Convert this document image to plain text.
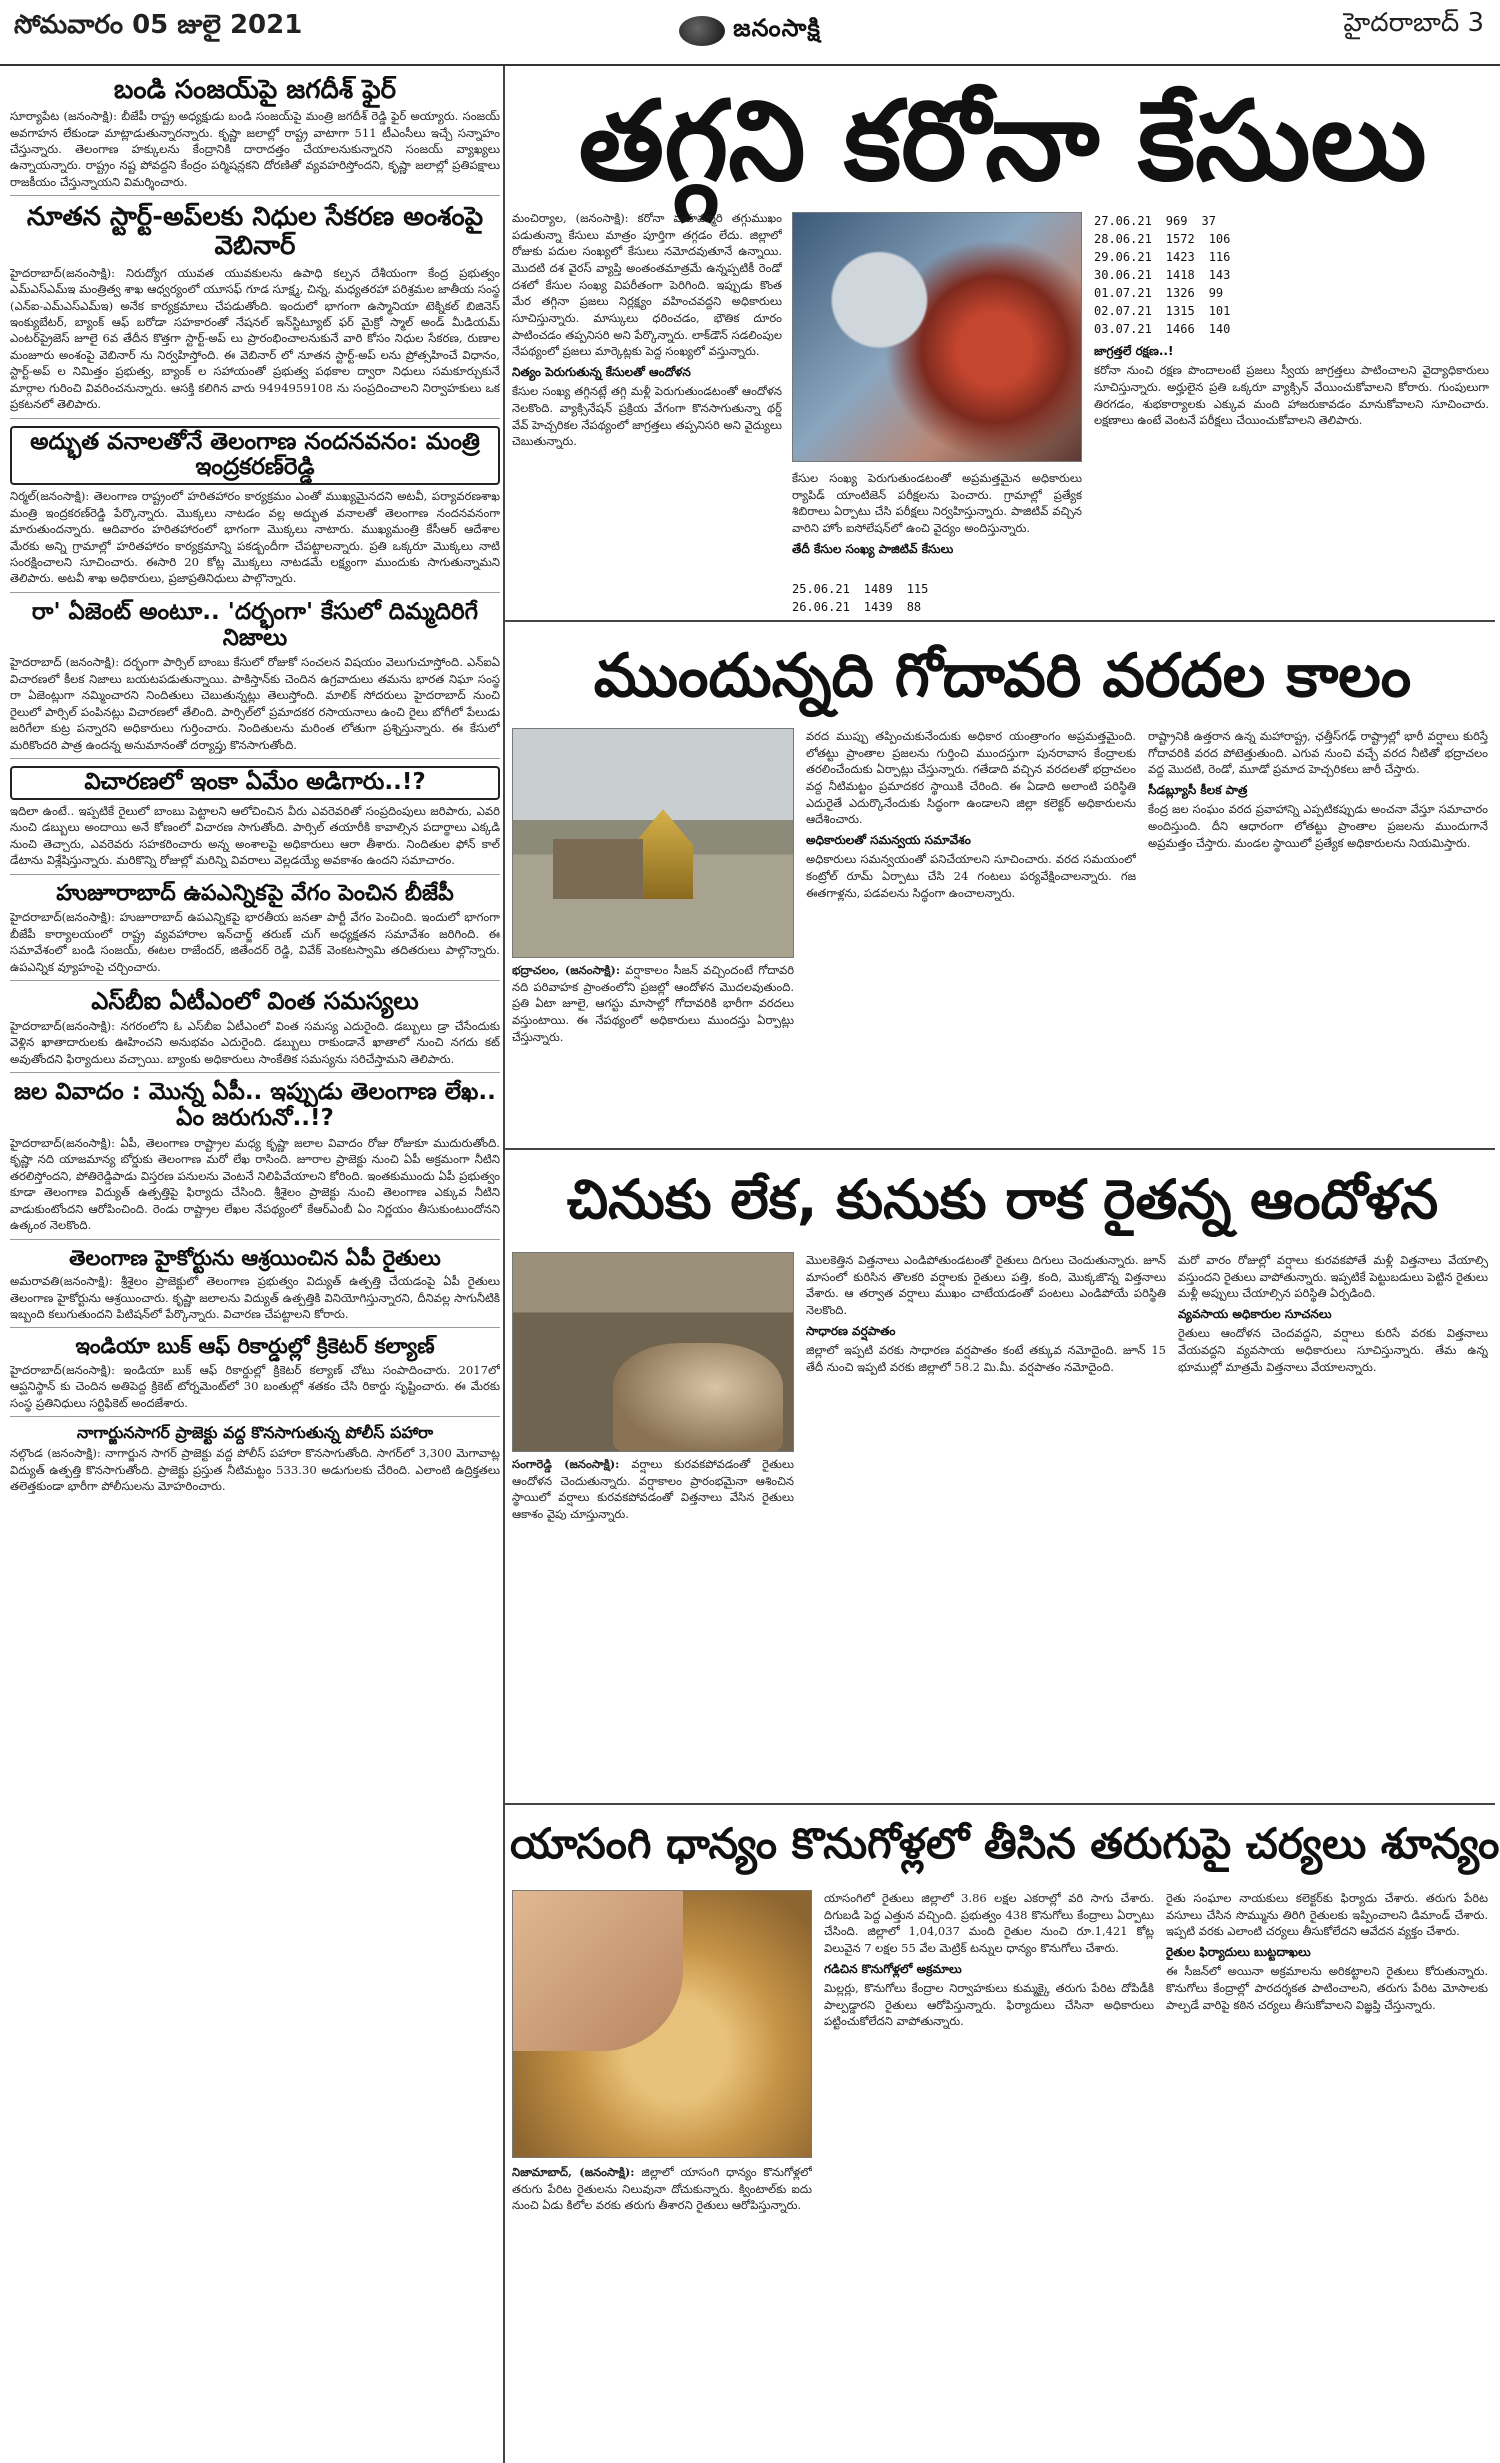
సోమవారం 05 జులై 2021	జనంసాక్షి	హైదరాబాద్ 3
బండి సంజయ్‌పై జగదీశ్ ఫైర్
సూర్యాపేట (జనంసాక్షి): బీజేపీ రాష్ట్ర అధ్యక్షుడు బండి సంజయ్‌పై మంత్రి జగదీశ్ రెడ్డి ఫైర్ అయ్యారు. సంజయ్ అవగాహన లేకుండా మాట్లాడుతున్నారన్నారు. కృష్ణా జలాల్లో రాష్ట్ర వాటాగా 511 టీఎంసీలు ఇచ్చే సన్నాహం చేస్తున్నారు. తెలంగాణ హక్కులను కేంద్రానికి దారాదత్తం చేయాలనుకున్నారని సంజయ్ వ్యాఖ్యలు ఉన్నాయన్నారు. రాష్ట్రం నష్ట పోవద్దని కేంద్రం పర్మిషన్లకని దోరణితో వ్యవహరిస్తోందని, కృష్ణా జలాల్లో ప్రతిపక్షాలు రాజకీయం చేస్తున్నాయని విమర్శించారు.
నూతన స్టార్ట్-అప్‌లకు నిధుల సేకరణ అంశంపై వెబినార్
హైదరాబాద్(జనంసాక్షి): నిరుద్యోగ యువత యువకులను ఉపాధి కల్పన దేశీయంగా కేంద్ర ప్రభుత్వం ఎమ్‌ఎస్‌ఎమ్ఇ మంత్రిత్వ శాఖ ఆధ్వర్యంలో యూసఫ్ గూడ సూక్ష్మ, చిన్న, మధ్యతరహా పరిశ్రమల జాతీయ సంస్థ (ఎన్‌ఐ-ఎమ్‌ఎస్‌ఎమ్ఇ) అనేక కార్యక్రమాలు చేపడుతోంది. ఇందులో భాగంగా ఉస్మానియా టెక్నికల్ బిజినెస్ ఇంక్యుబేటర్, బ్యాంక్ ఆఫ్ బరోడా సహకారంతో నేషనల్ ఇన్‌స్టిట్యూట్ ఫర్ మైక్రో స్మాల్ అండ్ మీడియమ్ ఎంటర్‌ప్రైజెస్ జూలై 6వ తేదీన కొత్తగా స్టార్ట్-అప్ లు ప్రారంభించాలనుకునే వారి కోసం నిధుల సేకరణ, రుణాల మంజూరు అంశంపై వెబినార్ ను నిర్వహిస్తోంది. ఈ వెబినార్ లో నూతన స్టార్ట్-అప్ లను ప్రోత్సహించే విధానం, స్టార్ట్-అప్ ల నిమిత్తం ప్రభుత్వ, బ్యాంక్ ల సహాయంతో ప్రభుత్వ పథకాల ద్వారా నిధులు సమకూర్చుకునే మార్గాల గురించి వివరించనున్నారు. ఆసక్తి కలిగిన వారు 9494959108 ను సంప్రదించాలని నిర్వాహకులు ఒక ప్రకటనలో తెలిపారు.
అద్భుత వనాలతోనే తెలంగాణ నందనవనం: మంత్రి ఇంద్రకరణ్‌రెడ్డి
నిర్మల్(జనంసాక్షి): తెలంగాణ రాష్ట్రంలో హరితహారం కార్యక్రమం ఎంతో ముఖ్యమైనదని అటవీ, పర్యావరణశాఖ మంత్రి ఇంద్రకరణ్‌రెడ్డి పేర్కొన్నారు. మొక్కలు నాటడం వల్ల అద్భుత వనాలతో తెలంగాణ నందనవనంగా మారుతుందన్నారు. ఆదివారం హరితహారంలో భాగంగా మొక్కలు నాటారు. ముఖ్యమంత్రి కేసీఆర్ ఆదేశాల మేరకు అన్ని గ్రామాల్లో హరితహారం కార్యక్రమాన్ని పకడ్బందీగా చేపట్టాలన్నారు. ప్రతి ఒక్కరూ మొక్కలు నాటి సంరక్షించాలని సూచించారు. ఈసారి 20 కోట్ల మొక్కలు నాటడమే లక్ష్యంగా ముందుకు సాగుతున్నామని తెలిపారు. అటవీ శాఖ అధికారులు, ప్రజాప్రతినిధులు పాల్గొన్నారు.
రా' ఏజెంట్ అంటూ.. 'దర్భంగా' కేసులో దిమ్మదిరిగే నిజాలు
హైదరాబాద్ (జనంసాక్షి): దర్భంగా పార్సిల్ బాంబు కేసులో రోజుకో సంచలన విషయం వెలుగుచూస్తోంది. ఎన్ఐఏ విచారణలో కీలక నిజాలు బయటపడుతున్నాయి. పాకిస్తాన్‌కు చెందిన ఉగ్రవాదులు తమను భారత నిఘా సంస్థ రా ఏజెంట్లుగా నమ్మించారని నిందితులు చెబుతున్నట్లు తెలుస్తోంది. మాలిక్ సోదరులు హైదరాబాద్ నుంచి రైలులో పార్సిల్ పంపినట్లు విచారణలో తేలింది. పార్సిల్‌లో ప్రమాదకర రసాయనాలు ఉంచి రైలు బోగీలో పేలుడు జరిగేలా కుట్ర పన్నారని అధికారులు గుర్తించారు. నిందితులను మరింత లోతుగా ప్రశ్నిస్తున్నారు. ఈ కేసులో మరికొందరి పాత్ర ఉందన్న అనుమానంతో దర్యాప్తు కొనసాగుతోంది.
విచారణలో ఇంకా ఏమేం అడిగారు..!?
ఇదిలా ఉంటే.. ఇప్పటికే రైలులో బాంబు పెట్టాలని ఆలోచించిన వీరు ఎవరెవరితో సంప్రదింపులు జరిపారు, ఎవరి నుంచి డబ్బులు అందాయి అనే కోణంలో విచారణ సాగుతోంది. పార్సిల్ తయారీకి కావాల్సిన పదార్థాలు ఎక్కడి నుంచి తెచ్చారు, ఎవరెవరు సహకరించారు అన్న అంశాలపై అధికారులు ఆరా తీశారు. నిందితుల ఫోన్ కాల్ డేటాను విశ్లేషిస్తున్నారు. మరికొన్ని రోజుల్లో మరిన్ని వివరాలు వెల్లడయ్యే అవకాశం ఉందని సమాచారం.
హుజూరాబాద్ ఉపఎన్నికపై వేగం పెంచిన బీజేపీ
హైదరాబాద్(జనంసాక్షి): హుజూరాబాద్ ఉపఎన్నికపై భారతీయ జనతా పార్టీ వేగం పెంచింది. ఇందులో భాగంగా బీజేపీ కార్యాలయంలో రాష్ట్ర వ్యవహారాల ఇన్‌చార్జ్ తరుణ్ చుగ్ అధ్యక్షతన సమావేశం జరిగింది. ఈ సమావేశంలో బండి సంజయ్, ఈటల రాజేందర్, జితేందర్ రెడ్డి, వివేక్ వెంకటస్వామి తదితరులు పాల్గొన్నారు. ఉపఎన్నిక వ్యూహంపై చర్చించారు.
ఎస్‌బీఐ ఏటీఎంలో వింత సమస్యలు
హైదరాబాద్(జనంసాక్షి): నగరంలోని ఓ ఎస్‌బీఐ ఏటీఎంలో వింత సమస్య ఎదురైంది. డబ్బులు డ్రా చేసేందుకు వెళ్లిన ఖాతాదారులకు ఊహించని అనుభవం ఎదురైంది. డబ్బులు రాకుండానే ఖాతాలో నుంచి నగదు కట్ అవుతోందని ఫిర్యాదులు వచ్చాయి. బ్యాంకు అధికారులు సాంకేతిక సమస్యను సరిచేస్తామని తెలిపారు.
జల వివాదం : మొన్న ఏపీ.. ఇప్పుడు తెలంగాణ లేఖ.. ఏం జరుగునో..!?
హైదరాబాద్(జనంసాక్షి): ఏపీ, తెలంగాణ రాష్ట్రాల మధ్య కృష్ణా జలాల వివాదం రోజు రోజుకూ ముదురుతోంది. కృష్ణా నది యాజమాన్య బోర్డుకు తెలంగాణ మరో లేఖ రాసింది. జూరాల ప్రాజెక్టు నుంచి ఏపీ అక్రమంగా నీటిని తరలిస్తోందని, పోతిరెడ్డిపాడు విస్తరణ పనులను వెంటనే నిలిపివేయాలని కోరింది. ఇంతకుముందు ఏపీ ప్రభుత్వం కూడా తెలంగాణ విద్యుత్ ఉత్పత్తిపై ఫిర్యాదు చేసింది. శ్రీశైలం ప్రాజెక్టు నుంచి తెలంగాణ ఎక్కువ నీటిని వాడుకుంటోందని ఆరోపించింది. రెండు రాష్ట్రాల లేఖల నేపథ్యంలో కేఆర్ఎంబీ ఏం నిర్ణయం తీసుకుంటుందోనని ఉత్కంఠ నెలకొంది.
తెలంగాణ హైకోర్టును ఆశ్రయించిన ఏపీ రైతులు
అమరావతి(జనంసాక్షి): శ్రీశైలం ప్రాజెక్టులో తెలంగాణ ప్రభుత్వం విద్యుత్ ఉత్పత్తి చేయడంపై ఏపీ రైతులు తెలంగాణ హైకోర్టును ఆశ్రయించారు. కృష్ణా జలాలను విద్యుత్ ఉత్పత్తికి వినియోగిస్తున్నారని, దీనివల్ల సాగునీటికి ఇబ్బంది కలుగుతుందని పిటిషన్‌లో పేర్కొన్నారు. విచారణ చేపట్టాలని కోరారు.
ఇండియా బుక్ ఆఫ్ రికార్డుల్లో క్రికెటర్ కల్యాణ్
హైదరాబాద్(జనంసాక్షి): ఇండియా బుక్ ఆఫ్ రికార్డుల్లో క్రికెటర్ కల్యాణ్ చోటు సంపాదించారు. 2017లో ఆప్ఘనిస్థాన్ కు చెందిన అతిపెద్ద క్రికెట్ టోర్నమెంట్‌లో 30 బంతుల్లో శతకం చేసి రికార్డు సృష్టించారు. ఈ మేరకు సంస్థ ప్రతినిధులు సర్టిఫికెట్ అందజేశారు.
నాగార్జునసాగర్ ప్రాజెక్టు వద్ద కొనసాగుతున్న పోలీస్ పహారా
నల్గొండ (జనంసాక్షి): నాగార్జున సాగర్ ప్రాజెక్టు వద్ద పోలీస్ పహారా కొనసాగుతోంది. సాగర్‌లో 3,300 మెగావాట్ల విద్యుత్ ఉత్పత్తి కొనసాగుతోంది. ప్రాజెక్టు ప్రస్తుత నీటిమట్టం 533.30 అడుగులకు చేరింది. ఎలాంటి ఉద్రిక్తతలు తలెత్తకుండా భారీగా పోలీసులను మోహరించారు.
తగ్గని కరోనా కేసులు

మంచిర్యాల, (జనంసాక్షి): కరోనా మహమ్మారి తగ్గుముఖం పడుతున్నా కేసులు మాత్రం పూర్తిగా తగ్గడం లేదు. జిల్లాలో రోజుకు పదుల సంఖ్యలో కేసులు నమోదవుతూనే ఉన్నాయి. మొదటి దశ వైరస్ వ్యాప్తి అంతంతమాత్రమే ఉన్నప్పటికీ రెండో దశలో కేసుల సంఖ్య విపరీతంగా పెరిగింది. ఇప్పుడు కొంత మేర తగ్గినా ప్రజలు నిర్లక్ష్యం వహించవద్దని అధికారులు సూచిస్తున్నారు. మాస్కులు ధరించడం, భౌతిక దూరం పాటించడం తప్పనిసరి అని పేర్కొన్నారు. లాక్‌డౌన్ సడలింపుల నేపథ్యంలో ప్రజలు మార్కెట్లకు పెద్ద సంఖ్యలో వస్తున్నారు.

నిత్యం పెరుగుతున్న కేసులతో ఆందోళన

కేసుల సంఖ్య తగ్గినట్లే తగ్గి మళ్లీ పెరుగుతుండటంతో ఆందోళన నెలకొంది. వ్యాక్సినేషన్ ప్రక్రియ వేగంగా కొనసాగుతున్నా థర్డ్ వేవ్ హెచ్చరికల నేపథ్యంలో జాగ్రత్తలు తప్పనిసరి అని వైద్యులు చెబుతున్నారు.

కేసుల సంఖ్య పెరుగుతుండటంతో అప్రమత్తమైన అధికారులు ర్యాపిడ్ యాంటిజెన్ పరీక్షలను పెంచారు. గ్రామాల్లో ప్రత్యేక శిబిరాలు ఏర్పాటు చేసి పరీక్షలు నిర్వహిస్తున్నారు. పాజిటివ్ వచ్చిన వారిని హోం ఐసోలేషన్‌లో ఉంచి వైద్యం అందిస్తున్నారు.

తేదీ కేసుల సంఖ్య పాజిటివ్ కేసులు
25.06.21 1489 115
26.06.21 1439 88
27.06.21 969 37
28.06.21 1572 106
29.06.21 1423 116
30.06.21 1418 143
01.07.21 1326 99
02.07.21 1315 101
03.07.21 1466 140
జాగ్రత్తలే రక్షణ..!

కరోనా నుంచి రక్షణ పొందాలంటే ప్రజలు స్వీయ జాగ్రత్తలు పాటించాలని వైద్యాధికారులు సూచిస్తున్నారు. అర్హులైన ప్రతి ఒక్కరూ వ్యాక్సిన్ వేయించుకోవాలని కోరారు. గుంపులుగా తిరగడం, శుభకార్యాలకు ఎక్కువ మంది హాజరుకావడం మానుకోవాలని సూచించారు. లక్షణాలు ఉంటే వెంటనే పరీక్షలు చేయించుకోవాలని తెలిపారు.

ముందున్నది గోదావరి వరదల కాలం
భద్రాచలం, (జనంసాక్షి): వర్షాకాలం సీజన్ వచ్చిందంటే గోదావరి నది పరివాహక ప్రాంతంలోని ప్రజల్లో ఆందోళన మొదలవుతుంది. ప్రతి ఏటా జూలై, ఆగస్టు మాసాల్లో గోదావరికి భారీగా వరదలు వస్తుంటాయి. ఈ నేపథ్యంలో అధికారులు ముందస్తు ఏర్పాట్లు చేస్తున్నారు.

వరద ముప్పు తప్పించుకునేందుకు అధికార యంత్రాంగం అప్రమత్తమైంది. లోతట్టు ప్రాంతాల ప్రజలను గుర్తించి ముందస్తుగా పునరావాస కేంద్రాలకు తరలించేందుకు ఏర్పాట్లు చేస్తున్నారు. గతేడాది వచ్చిన వరదలతో భద్రాచలం వద్ద నీటిమట్టం ప్రమాదకర స్థాయికి చేరింది. ఈ ఏడాది అలాంటి పరిస్థితి ఎదురైతే ఎదుర్కొనేందుకు సిద్ధంగా ఉండాలని జిల్లా కలెక్టర్ అధికారులను ఆదేశించారు.

అధికారులతో సమన్వయ సమావేశం

అధికారులు సమన్వయంతో పనిచేయాలని సూచించారు. వరద సమయంలో కంట్రోల్ రూమ్ ఏర్పాటు చేసి 24 గంటలు పర్యవేక్షించాలన్నారు. గజ ఈతగాళ్లను, పడవలను సిద్ధంగా ఉంచాలన్నారు.

రాష్ట్రానికి ఉత్తరాన ఉన్న మహారాష్ట్ర, ఛత్తీస్‌గఢ్ రాష్ట్రాల్లో భారీ వర్షాలు కురిస్తే గోదావరికి వరద పోటెత్తుతుంది. ఎగువ నుంచి వచ్చే వరద నీటితో భద్రాచలం వద్ద మొదటి, రెండో, మూడో ప్రమాద హెచ్చరికలు జారీ చేస్తారు.

సీడబ్ల్యూసీ కీలక పాత్ర

కేంద్ర జల సంఘం వరద ప్రవాహాన్ని ఎప్పటికప్పుడు అంచనా వేస్తూ సమాచారం అందిస్తుంది. దీని ఆధారంగా లోతట్టు ప్రాంతాల ప్రజలను ముందుగానే అప్రమత్తం చేస్తారు. మండల స్థాయిలో ప్రత్యేక అధికారులను నియమిస్తారు.

చినుకు లేక, కునుకు రాక రైతన్న ఆందోళన
సంగారెడ్డి (జనంసాక్షి): వర్షాలు కురవకపోవడంతో రైతులు ఆందోళన చెందుతున్నారు. వర్షాకాలం ప్రారంభమైనా ఆశించిన స్థాయిలో వర్షాలు కురవకపోవడంతో విత్తనాలు వేసిన రైతులు ఆకాశం వైపు చూస్తున్నారు.

మొలకెత్తిన విత్తనాలు ఎండిపోతుండటంతో రైతులు దిగులు చెందుతున్నారు. జూన్ మాసంలో కురిసిన తొలకరి వర్షాలకు రైతులు పత్తి, కంది, మొక్కజొన్న విత్తనాలు వేశారు. ఆ తర్వాత వర్షాలు ముఖం చాటేయడంతో పంటలు ఎండిపోయే పరిస్థితి నెలకొంది.

సాధారణ వర్షపాతం

జిల్లాలో ఇప్పటి వరకు సాధారణ వర్షపాతం కంటే తక్కువ నమోదైంది. జూన్ 15 తేదీ నుంచి ఇప్పటి వరకు జిల్లాలో 58.2 మి.మీ. వర్షపాతం నమోదైంది.

మరో వారం రోజుల్లో వర్షాలు కురవకపోతే మళ్లీ విత్తనాలు వేయాల్సి వస్తుందని రైతులు వాపోతున్నారు. ఇప్పటికే పెట్టుబడులు పెట్టిన రైతులు మళ్లీ అప్పులు చేయాల్సిన పరిస్థితి ఏర్పడింది.

వ్యవసాయ అధికారుల సూచనలు

రైతులు ఆందోళన చెందవద్దని, వర్షాలు కురిసే వరకు విత్తనాలు వేయవద్దని వ్యవసాయ అధికారులు సూచిస్తున్నారు. తేమ ఉన్న భూముల్లో మాత్రమే విత్తనాలు వేయాలన్నారు.

యాసంగి ధాన్యం కొనుగోళ్లలో తీసిన తరుగుపై చర్యలు శూన్యం
నిజామాబాద్, (జనంసాక్షి): జిల్లాలో యాసంగి ధాన్యం కొనుగోళ్లలో తరుగు పేరిట రైతులను నిలువునా దోచుకున్నారు. క్వింటాల్‌కు ఐదు నుంచి ఏడు కిలోల వరకు తరుగు తీశారని రైతులు ఆరోపిస్తున్నారు.

యాసంగిలో రైతులు జిల్లాలో 3.86 లక్షల ఎకరాల్లో వరి సాగు చేశారు. దిగుబడి పెద్ద ఎత్తున వచ్చింది. ప్రభుత్వం 438 కొనుగోలు కేంద్రాలు ఏర్పాటు చేసింది. జిల్లాలో 1,04,037 మంది రైతుల నుంచి రూ.1,421 కోట్ల విలువైన 7 లక్షల 55 వేల మెట్రిక్ టన్నుల ధాన్యం కొనుగోలు చేశారు.

గడిచిన కొనుగోళ్లలో అక్రమాలు

మిల్లర్లు, కొనుగోలు కేంద్రాల నిర్వాహకులు కుమ్మక్కై తరుగు పేరిట దోపిడీకి పాల్పడ్డారని రైతులు ఆరోపిస్తున్నారు. ఫిర్యాదులు చేసినా అధికారులు పట్టించుకోలేదని వాపోతున్నారు.

రైతు సంఘాల నాయకులు కలెక్టర్‌కు ఫిర్యాదు చేశారు. తరుగు పేరిట వసూలు చేసిన సొమ్మును తిరిగి రైతులకు ఇప్పించాలని డిమాండ్ చేశారు. ఇప్పటి వరకు ఎలాంటి చర్యలు తీసుకోలేదని ఆవేదన వ్యక్తం చేశారు.

రైతుల ఫిర్యాదులు బుట్టదాఖలు

ఈ సీజన్‌లో అయినా అక్రమాలను అరికట్టాలని రైతులు కోరుతున్నారు. కొనుగోలు కేంద్రాల్లో పారదర్శకత పాటించాలని, తరుగు పేరిట మోసాలకు పాల్పడే వారిపై కఠిన చర్యలు తీసుకోవాలని విజ్ఞప్తి చేస్తున్నారు.
